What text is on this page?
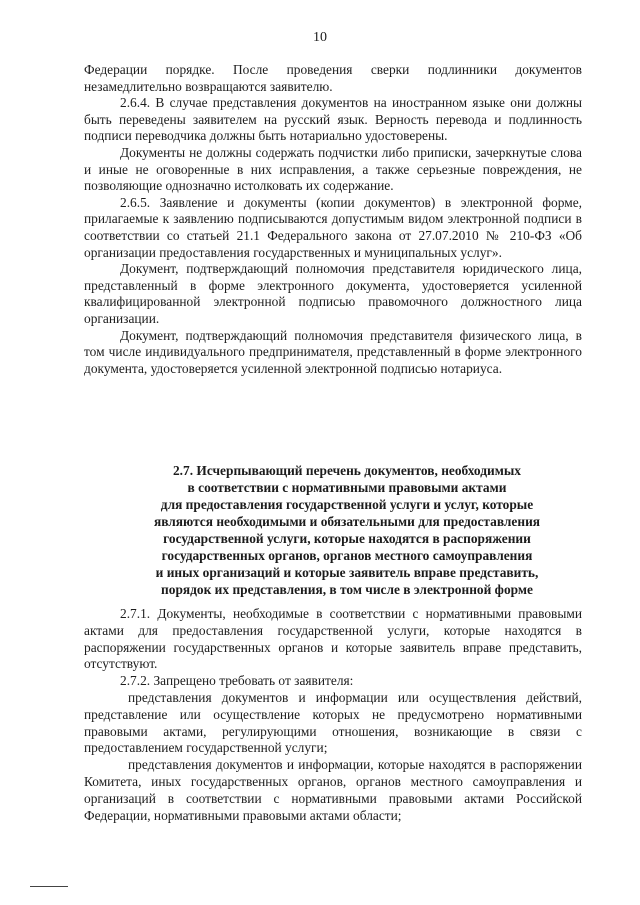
10

Федерации порядке. После проведения сверки подлинники документов незамедлительно возвращаются заявителю.

2.6.4. В случае представления документов на иностранном языке они должны быть переведены заявителем на русский язык. Верность перевода и подлинность подписи переводчика должны быть нотариально удостоверены.

Документы не должны содержать подчистки либо приписки, зачеркнутые слова и иные не оговоренные в них исправления, а также серьезные повреждения, не позволяющие однозначно истолковать их содержание.

2.6.5. Заявление и документы (копии документов) в электронной форме, прилагаемые к заявлению подписываются допустимым видом электронной подписи в соответствии со статьей 21.1 Федерального закона от 27.07.2010 № 210-ФЗ «Об организации предоставления государственных и муниципальных услуг».

Документ, подтверждающий полномочия представителя юридического лица, представленный в форме электронного документа, удостоверяется усиленной квалифицированной электронной подписью правомочного должностного лица организации.

Документ, подтверждающий полномочия представителя физического лица, в том числе индивидуального предпринимателя, представленный в форме электронного документа, удостоверяется усиленной электронной подписью нотариуса.

2.7. Исчерпывающий перечень документов, необходимых
в соответствии с нормативными правовыми актами
для предоставления государственной услуги и услуг, которые
являются необходимыми и обязательными для предоставления
государственной услуги, которые находятся в распоряжении
государственных органов, органов местного самоуправления
и иных организаций и которые заявитель вправе представить,
порядок их представления, в том числе в электронной форме

2.7.1. Документы, необходимые в соответствии с нормативными правовыми актами для предоставления государственной услуги, которые находятся в распоряжении государственных органов и которые заявитель вправе представить, отсутствуют.

2.7.2. Запрещено требовать от заявителя:

представления документов и информации или осуществления действий, представление или осуществление которых не предусмотрено нормативными правовыми актами, регулирующими отношения, возникающие в связи с предоставлением государственной услуги;

представления документов и информации, которые находятся в распоряжении Комитета, иных государственных органов, органов местного самоуправления и организаций в соответствии с нормативными правовыми актами Российской Федерации, нормативными правовыми актами области;
